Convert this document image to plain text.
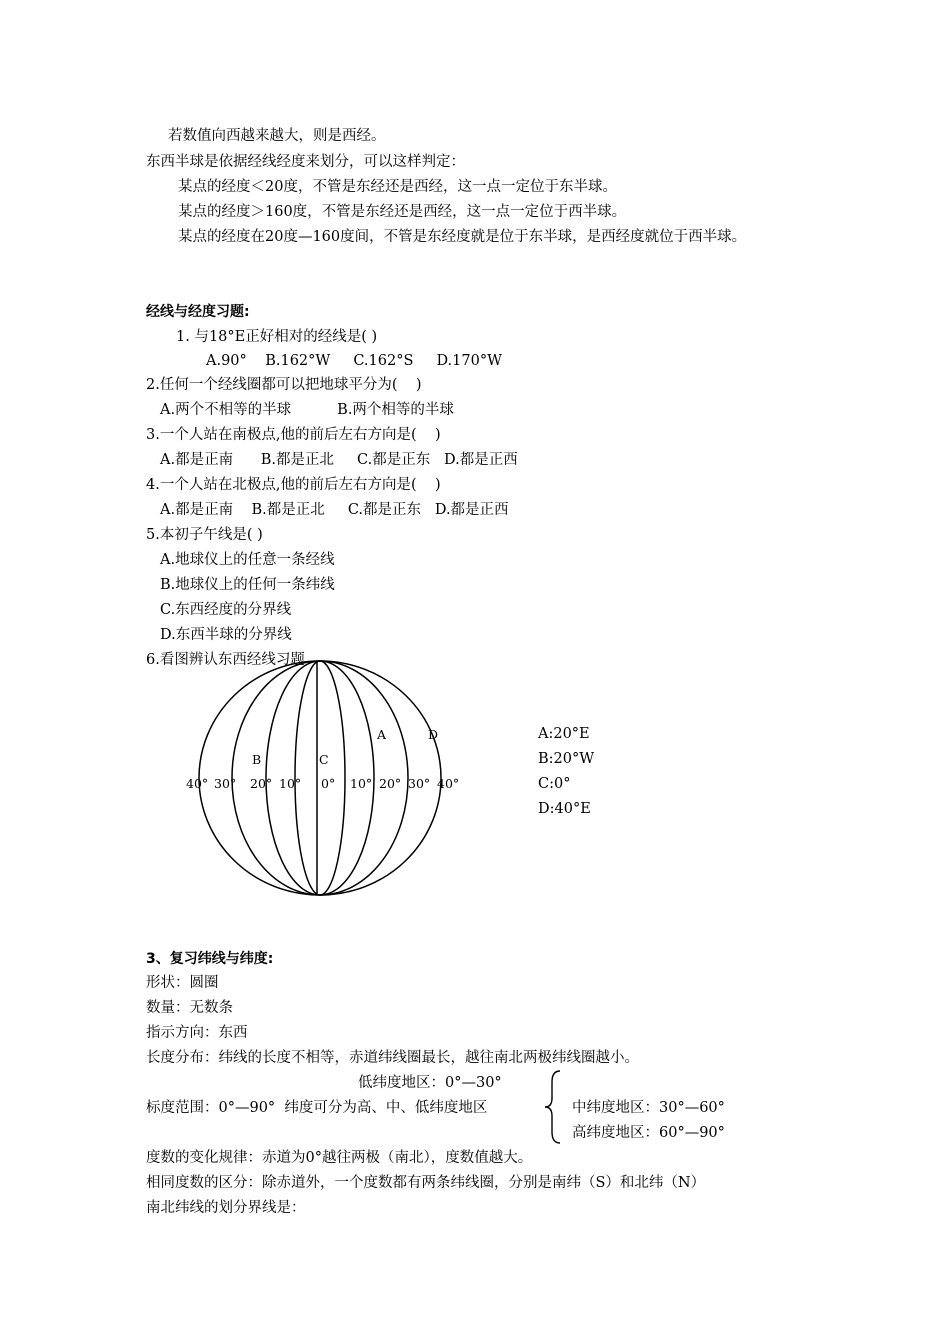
若数值向西越来越大，则是西经。
东西半球是依据经线经度来划分，可以这样判定：
某点的经度＜20度，不管是东经还是西经，这一点一定位于东半球。
某点的经度＞160度，不管是东经还是西经，这一点一定位于西半球。
某点的经度在20度—160度间，不管是东经度就是位于东半球，是西经度就位于西半球。
经线与经度习题:
1. 与18°E正好相对的经线是( )
A.90°    B.162°W     C.162°S     D.170°W
2.任何一个经线圈都可以把地球平分为(    )
A.两个不相等的半球          B.两个相等的半球
3.一个人站在南极点,他的前后左右方向是(    )
A.都是正南      B.都是正北     C.都是正东   D.都是正西
4.一个人站在北极点,他的前后左右方向是(    )
A.都是正南    B.都是正北     C.都是正东   D.都是正西
5.本初子午线是( )
A.地球仪上的任意一条经线
B.地球仪上的任何一条纬线
C.东西经度的分界线
D.东西半球的分界线
6.看图辨认东西经线习题
B	C
A	D
40° 30° 20° 10° 0° 10° 20° 30° 40°
A:20°E
B:20°W
C:0°
D:40°E
3、复习纬线与纬度:
形状：圆圈
数量：无数条
指示方向：东西
长度分布：纬线的长度不相等，赤道纬线圈最长，越往南北两极纬线圈越小。
低纬度地区：0°—30°
标度范围：0°—90°  纬度可分为高、中、低纬度地区	中纬度地区：30°—60°
高纬度地区：60°—90°
度数的变化规律：赤道为0°越往两极（南北），度数值越大。
相同度数的区分：除赤道外，一个度数都有两条纬线圈，分别是南纬（S）和北纬（N）
南北纬线的划分界线是：
